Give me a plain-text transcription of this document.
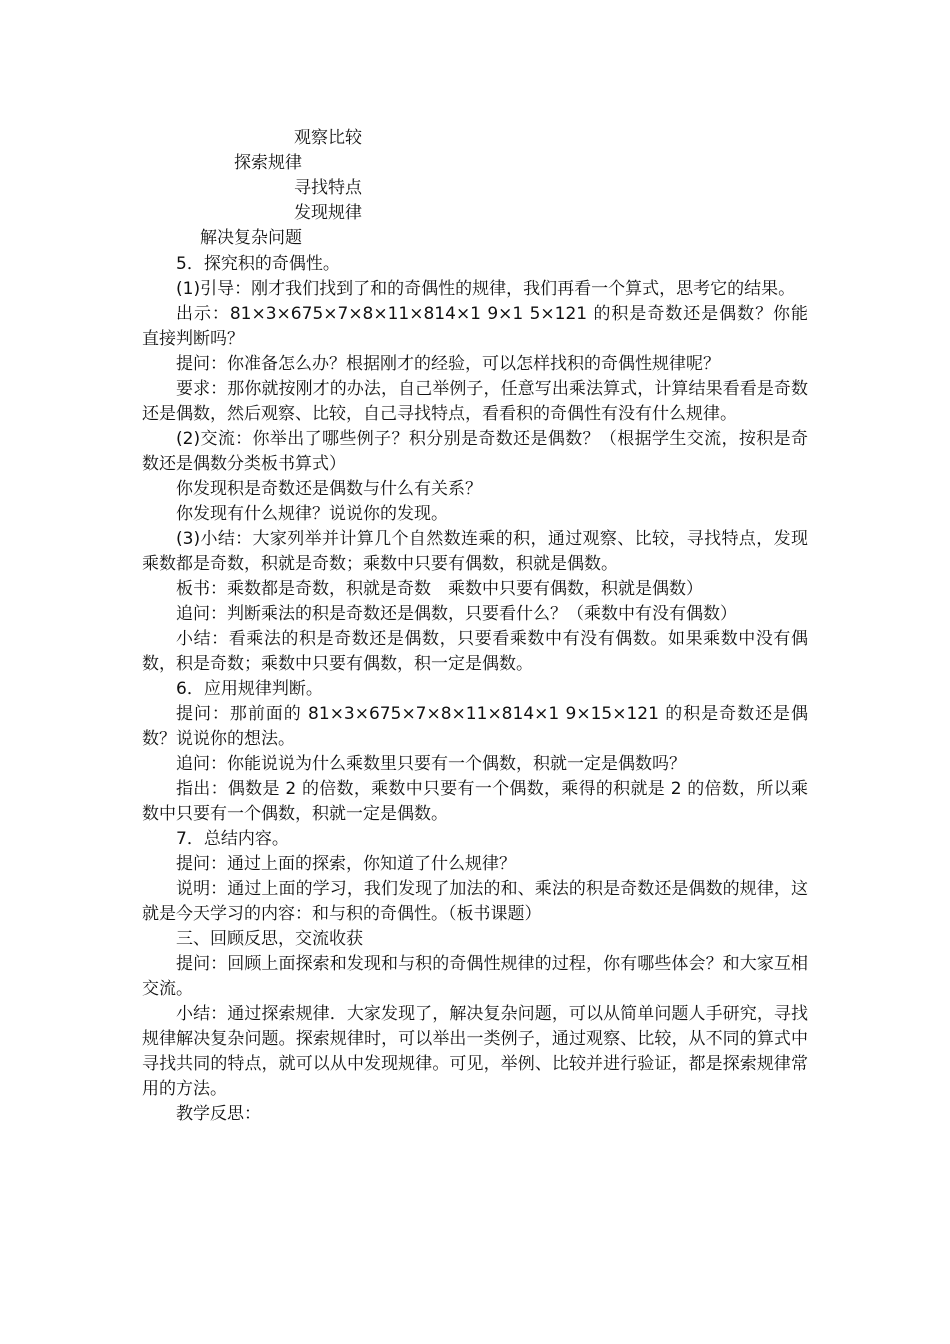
观察比较
探索规律
寻找特点
发现规律
解决复杂问题

5．探究积的奇偶性。

(1)引导：刚才我们找到了和的奇偶性的规律，我们再看一个算式，思考它的结果。

出示：81×3×675×7×8×11×814×1 9×1 5×121 的积是奇数还是偶数？你能直接判断吗？

提问：你准备怎么办？根据刚才的经验，可以怎样找积的奇偶性规律呢？

要求：那你就按刚才的办法，自己举例子，任意写出乘法算式，计算结果看看是奇数还是偶数，然后观察、比较，自己寻找特点，看看积的奇偶性有没有什么规律。

(2)交流：你举出了哪些例子？积分别是奇数还是偶数？（根据学生交流，按积是奇数还是偶数分类板书算式）

你发现积是奇数还是偶数与什么有关系？

你发现有什么规律？说说你的发现。

(3)小结：大家列举并计算几个自然数连乘的积，通过观察、比较，寻找特点，发现乘数都是奇数，积就是奇数；乘数中只要有偶数，积就是偶数。

板书：乘数都是奇数，积就是奇数　乘数中只要有偶数，积就是偶数）

追问：判断乘法的积是奇数还是偶数，只要看什么？（乘数中有没有偶数）

小结：看乘法的积是奇数还是偶数，只要看乘数中有没有偶数。如果乘数中没有偶数，积是奇数；乘数中只要有偶数，积一定是偶数。

6．应用规律判断。

提问：那前面的 81×3×675×7×8×11×814×1 9×15×121 的积是奇数还是偶数？说说你的想法。

追问：你能说说为什么乘数里只要有一个偶数，积就一定是偶数吗？

指出：偶数是 2 的倍数，乘数中只要有一个偶数，乘得的积就是 2 的倍数，所以乘数中只要有一个偶数，积就一定是偶数。

7．总结内容。

提问：通过上面的探索，你知道了什么规律？

说明：通过上面的学习，我们发现了加法的和、乘法的积是奇数还是偶数的规律，这就是今天学习的内容：和与积的奇偶性。（板书课题）

三、回顾反思，交流收获

提问：回顾上面探索和发现和与积的奇偶性规律的过程，你有哪些体会？和大家互相交流。

小结：通过探索规律．大家发现了，解决复杂问题，可以从简单问题人手研究，寻找规律解决复杂问题。探索规律时，可以举出一类例子，通过观察、比较，从不同的算式中寻找共同的特点，就可以从中发现规律。可见，举例、比较并进行验证，都是探索规律常用的方法。

教学反思：
